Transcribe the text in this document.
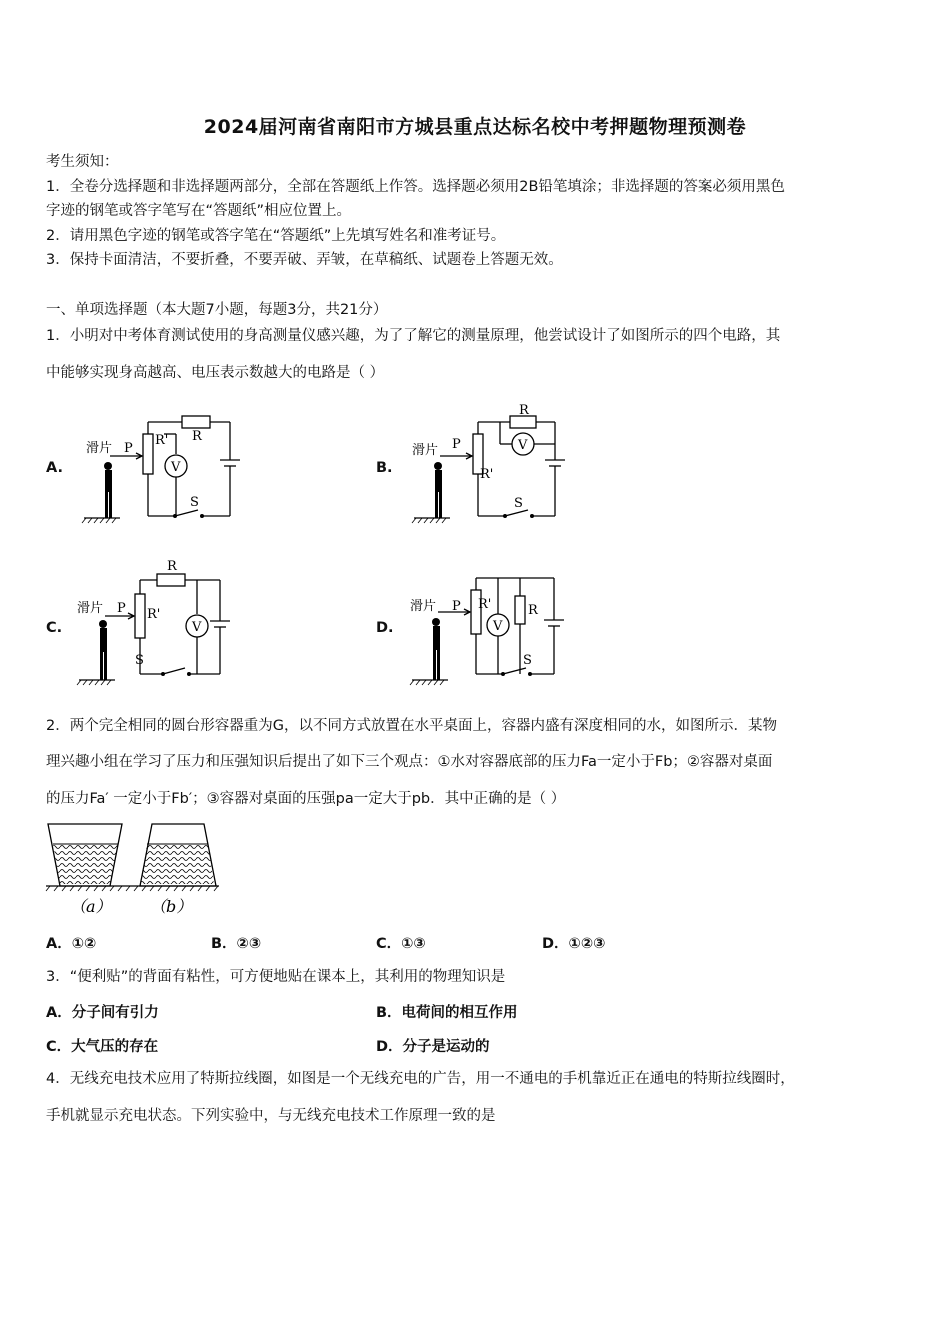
2024届河南省南阳市方城县重点达标名校中考押题物理预测卷
考生须知：
1．全卷分选择题和非选择题两部分，全部在答题纸上作答。选择题必须用2B铅笔填涂；非选择题的答案必须用黑色
字迹的钢笔或答字笔写在“答题纸”相应位置上。
2．请用黑色字迹的钢笔或答字笔在“答题纸”上先填写姓名和准考证号。
3．保持卡面清洁，不要折叠，不要弄破、弄皱，在草稿纸、试题卷上答题无效。
一、单项选择题（本大题7小题，每题3分，共21分）
1．小明对中考体育测试使用的身高测量仪感兴趣，为了了解它的测量原理，他尝试设计了如图所示的四个电路，其
中能够实现身高越高、电压表示数越大的电路是（ ）
A.	B.
C.	D.
滑片 P
R' R
V
S
滑片 P
R'
R
V
S
滑片 P R'
R
V
S
滑片 P R'	R
V
S
2．两个完全相同的圆台形容器重为G，以不同方式放置在水平桌面上，容器内盛有深度相同的水，如图所示．某物
理兴趣小组在学习了压力和压强知识后提出了如下三个观点：①水对容器底部的压力Fa一定小于Fb；②容器对桌面
的压力Fa′ 一定小于Fb′；③容器对桌面的压强pa一定大于pb．其中正确的是（ ）
（a） （b）
A．①②	B．②③	C．①③	D．①②③
3．“便利贴”的背面有粘性，可方便地贴在课本上，其利用的物理知识是
A．分子间有引力	B．电荷间的相互作用
C．大气压的存在	D．分子是运动的
4．无线充电技术应用了特斯拉线圈，如图是一个无线充电的广告，用一不通电的手机靠近正在通电的特斯拉线圈时，
手机就显示充电状态。下列实验中，与无线充电技术工作原理一致的是
